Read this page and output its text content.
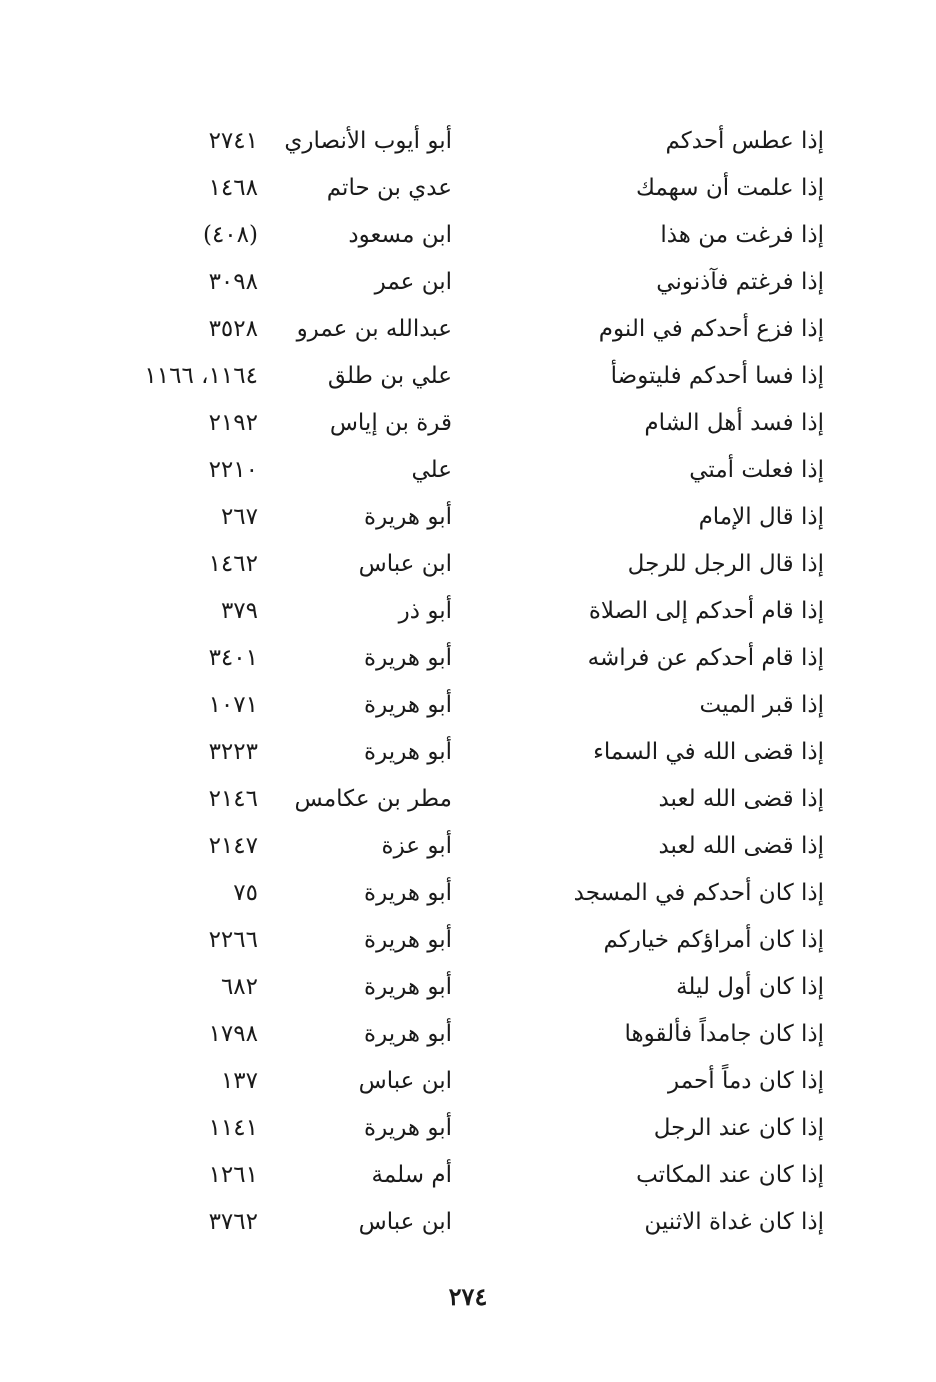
إذا عطس أحدكم
أبو أيوب الأنصاري
٢٧٤١
إذا علمت أن سهمك
عدي بن حاتم
١٤٦٨
إذا فرغت من هذا
ابن مسعود
(٤٠٨)
إذا فرغتم فآذنوني
ابن عمر
٣٠٩٨
إذا فزع أحدكم في النوم
عبدالله بن عمرو
٣٥٢٨
إذا فسا أحدكم فليتوضأ
علي بن طلق
١١٦٤، ١١٦٦
إذا فسد أهل الشام
قرة بن إياس
٢١٩٢
إذا فعلت أمتي
علي
٢٢١٠
إذا قال الإمام
أبو هريرة
٢٦٧
إذا قال الرجل للرجل
ابن عباس
١٤٦٢
إذا قام أحدكم إلى الصلاة
أبو ذر
٣٧٩
إذا قام أحدكم عن فراشه
أبو هريرة
٣٤٠١
إذا قبر الميت
أبو هريرة
١٠٧١
إذا قضى الله في السماء
أبو هريرة
٣٢٢٣
إذا قضى الله لعبد
مطر بن عكامس
٢١٤٦
إذا قضى الله لعبد
أبو عزة
٢١٤٧
إذا كان أحدكم في المسجد
أبو هريرة
٧٥
إذا كان أمراؤكم خياركم
أبو هريرة
٢٢٦٦
إذا كان أول ليلة
أبو هريرة
٦٨٢
إذا كان جامداً فألقوها
أبو هريرة
١٧٩٨
إذا كان دماً أحمر
ابن عباس
١٣٧
إذا كان عند الرجل
أبو هريرة
١١٤١
إذا كان عند المكاتب
أم سلمة
١٢٦١
إذا كان غداة الاثنين
ابن عباس
٣٧٦٢
٢٧٤
